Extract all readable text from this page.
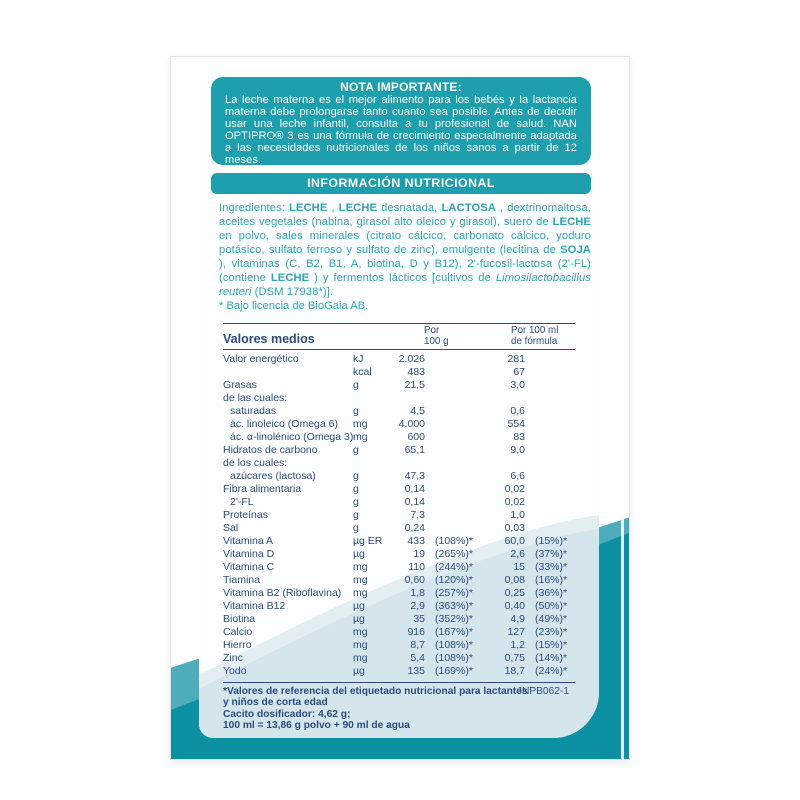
NOTA IMPORTANTE:
La leche materna es el mejor alimento para los bebés y la lactancia materna debe prolongarse tanto cuanto sea posible. Antes de decidir usar una leche infantil, consulta a tu profesional de salud. NAN OPTIPRO® 3 es una fórmula de crecimiento especialmente adaptada a las necesidades nutricionales de los niños sanos a partir de 12 meses.
INFORMACIÓN NUTRICIONAL
Ingredientes: LECHE , LECHE desnatada, LACTOSA , dextrinomaltosa, aceites vegetales (nabina, girasol alto oleico y girasol), suero de LECHE en polvo, sales minerales (citrato cálcico, carbonato cálcico, yoduro potásico, sulfato ferroso y sulfato de zinc), emulgente (lecitina de SOJA ), vitaminas (C, B2, B1, A, biotina, D y B12), 2'-fucosil-lactosa (2'-FL) (contiene LECHE ) y fermentos lácticos [cultivos de Limosilactobacillus reuteri (DSM 17938*)].
* Bajo licencia de BioGaia AB.
Valores medios
Por
100 g
Por 100 ml
de fórmula
Valor energético	kJ	2.026	281
kcal	483	67
Grasas	g	21,5	3,0
de las cuales:
saturadas	g	4,5	0,6
ác. linoleico (Omega 6)	mg	4.000	554
ác. α-linolénico (Omega 3) mg	600	83
Hidratos de carbono	g	65,1	9,0
de los cuales:
azúcares (lactosa)	g	47,3	6,6
Fibra alimentaria	g	0,14	0,02
2'-FL	g	0,14	0,02
Proteínas	g	7,3	1,0
Sal	g	0,24	0,03
Vitamina A	µg ER	433 (108%)*	60,0 (15%)*
Vitamina D	µg	19 (265%)*	2,6 (37%)*
Vitamina C	mg	110 (244%)*	15 (33%)*
Tiamina	mg	0,60 (120%)*	0,08 (16%)*
Vitamina B2 (Riboflavina)	mg	1,8 (257%)*	0,25 (36%)*
Vitamina B12	µg	2,9 (363%)*	0,40 (50%)*
Biotina	µg	35 (352%)*	4,9 (49%)*
Calcio	mg	916 (167%)*	127 (23%)*
Hierro	mg	8,7 (108%)*	1,2 (15%)*
Zinc	mg	5,4 (108%)*	0,75 (14%)*
Yodo	µg	135 (169%)*	18,7 (24%)*
*Valores de referencia del etiquetado nutricional para lactantes
y niños de corta edad
Cacito dosificador: 4,62 g;
100 ml = 13,86 g polvo + 90 ml de agua
JNPB062-1
